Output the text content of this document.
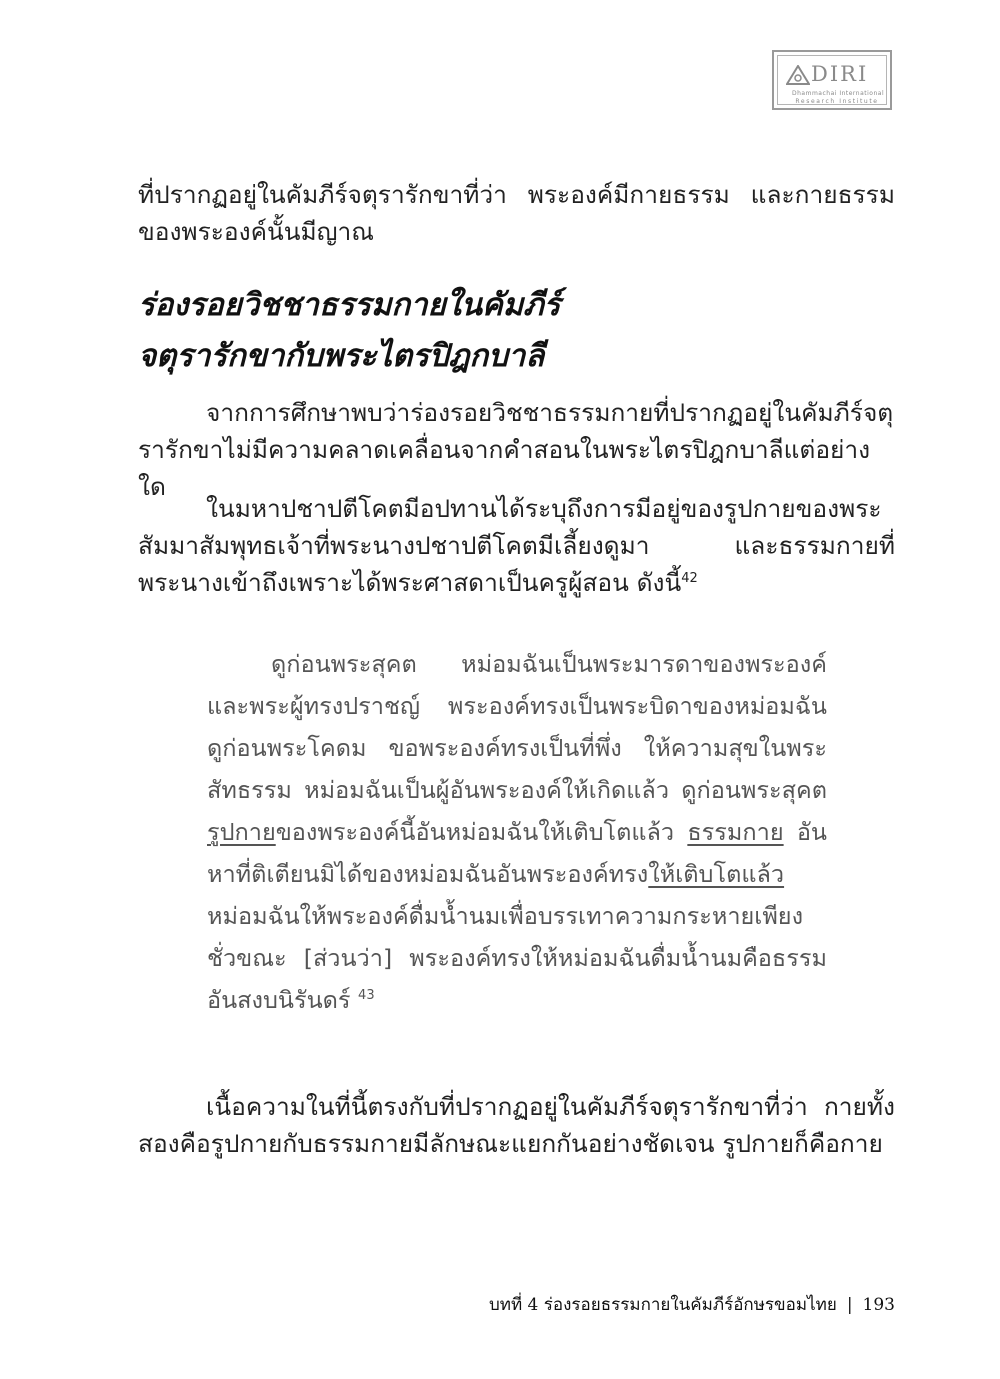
DIRI
Dhammachai International
Research Institute

ที่ปรากฏอยู่ในคัมภีร์จตุรารักขาที่ว่า พระองค์มีกายธรรม และกายธรรมของพระองค์นั้นมีญาณ

ร่องรอยวิชชาธรรมกายในคัมภีร์
จตุรารักขากับพระไตรปิฎกบาลี

จากการศึกษาพบว่าร่องรอยวิชชาธรรมกายที่ปรากฏอยู่ในคัมภีร์จตุรารักขาไม่มีความคลาดเคลื่อนจากคำสอนในพระไตรปิฎกบาลีแต่อย่างใด

ในมหาปชาปตีโคตมีอปทานได้ระบุถึงการมีอยู่ของรูปกายของพระสัมมาสัมพุทธเจ้าที่พระนางปชาปตีโคตมีเลี้ยงดูมา และธรรมกายที่พระนางเข้าถึงเพราะได้พระศาสดาเป็นครูผู้สอน ดังนี้$^{42}$

ดูก่อนพระสุคต หม่อมฉันเป็นพระมารดาของพระองค์ และพระผู้ทรงปราชญ์ พระองค์ทรงเป็นพระบิดาของหม่อมฉัน ดูก่อนพระโคดม ขอพระองค์ทรงเป็นที่พึ่ง ให้ความสุขในพระสัทธรรม หม่อมฉันเป็นผู้อันพระองค์ให้เกิดแล้ว ดูก่อนพระสุคต รูปกายของพระองค์นี้อันหม่อมฉันให้เติบโตแล้ว ธรรมกาย อันหาที่ติเตียนมิได้ของหม่อมฉันอันพระองค์ทรงให้เติบโตแล้ว หม่อมฉันให้พระองค์ดื่มน้ำนมเพื่อบรรเทาความกระหายเพียงชั่วขณะ [ส่วนว่า] พระองค์ทรงให้หม่อมฉันดื่มน้ำนมคือธรรมอันสงบนิรันดร์ $^{43}$

เนื้อความในที่นี้ตรงกับที่ปรากฏอยู่ในคัมภีร์จตุรารักขาที่ว่า กายทั้งสองคือรูปกายกับธรรมกายมีลักษณะแยกกันอย่างชัดเจน รูปกายก็คือกาย

บทที่ 4 ร่องรอยธรรมกายในคัมภีร์อักษรขอมไทย | 193
